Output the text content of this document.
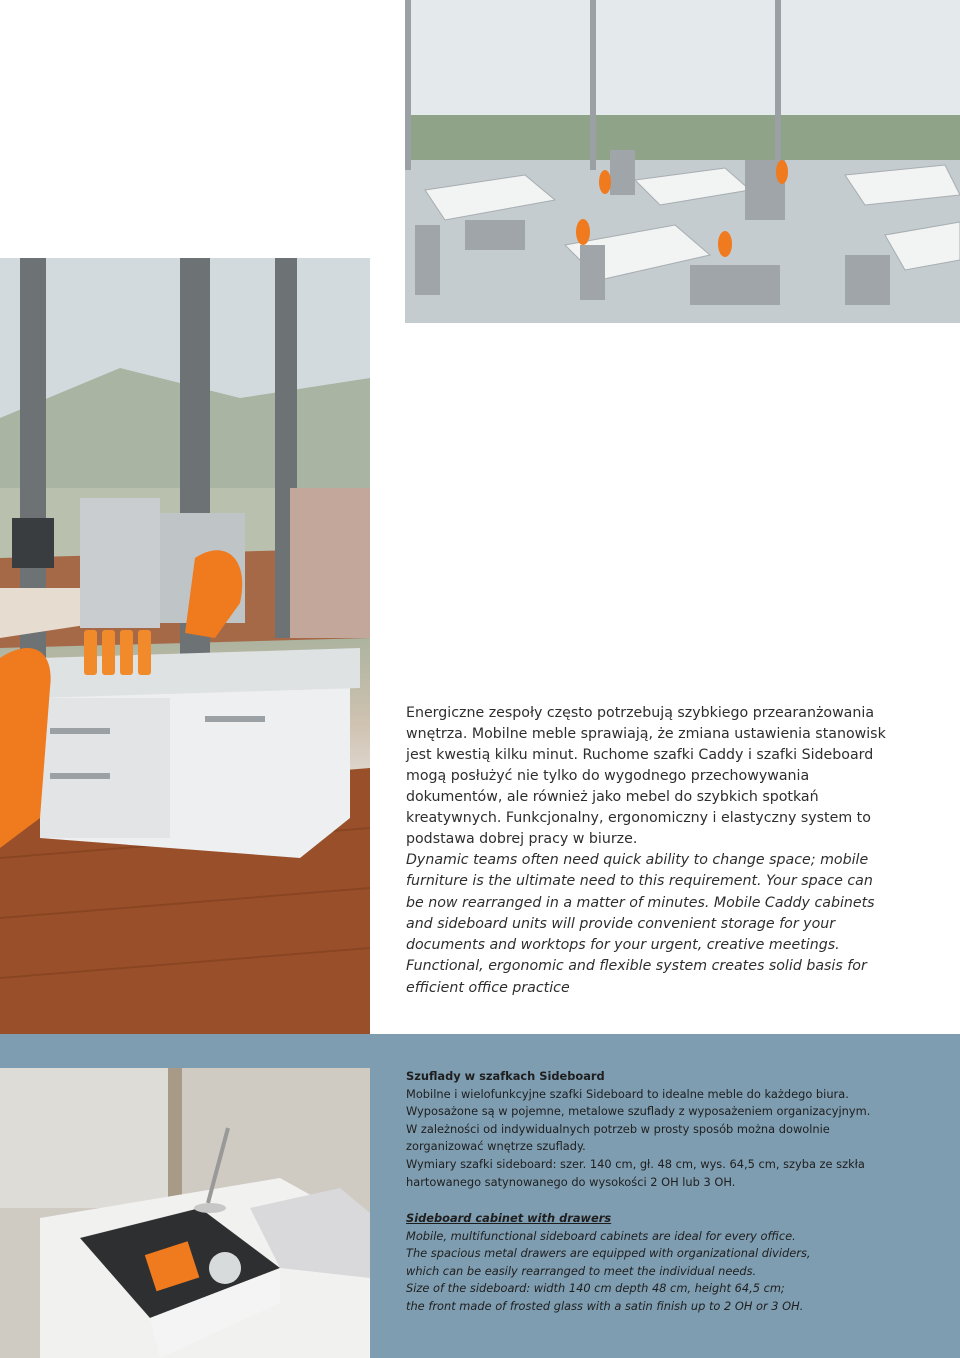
Energiczne zespoły często potrzebują szybkiego przearanżowania wnętrza. Mobilne meble sprawiają, że zmiana ustawienia stanowisk jest kwestią kilku minut. Ruchome szafki Caddy i szafki Sideboard mogą posłużyć nie tylko do wygodnego przechowywania dokumentów, ale również jako mebel do szybkich spotkań kreatywnych. Funkcjonalny, ergonomiczny i elastyczny system to podstawa dobrej pracy w biurze.

Dynamic teams often need quick ability to change space; mobile furniture is the ultimate need to this requirement. Your space can be now rearranged in a matter of minutes. Mobile Caddy cabinets and sideboard units will provide convenient storage for your documents and worktops for your urgent, creative meetings. Functional, ergonomic and flexible system creates solid basis for efficient office practice

Szuflady w szafkach Sideboard
Mobilne i wielofunkcyjne szafki Sideboard to idealne meble do każdego biura.
Wyposażone są w pojemne, metalowe szuflady z wyposażeniem organizacyjnym.
W zależności od indywidualnych potrzeb w prosty sposób można dowolnie
zorganizować wnętrze szuflady.
Wymiary szafki sideboard: szer. 140 cm, gł. 48 cm, wys. 64,5 cm, szyba ze szkła
hartowanego satynowanego do wysokości 2 OH lub 3 OH.
Sideboard cabinet with drawers
Mobile, multifunctional sideboard cabinets are ideal for every office.
The spacious metal drawers are equipped with organizational dividers,
which can be easily rearranged to meet the individual needs.
Size of the sideboard: width 140 cm depth 48 cm, height 64,5 cm;
the front made of frosted glass with a satin finish up to 2 OH or 3 OH.
